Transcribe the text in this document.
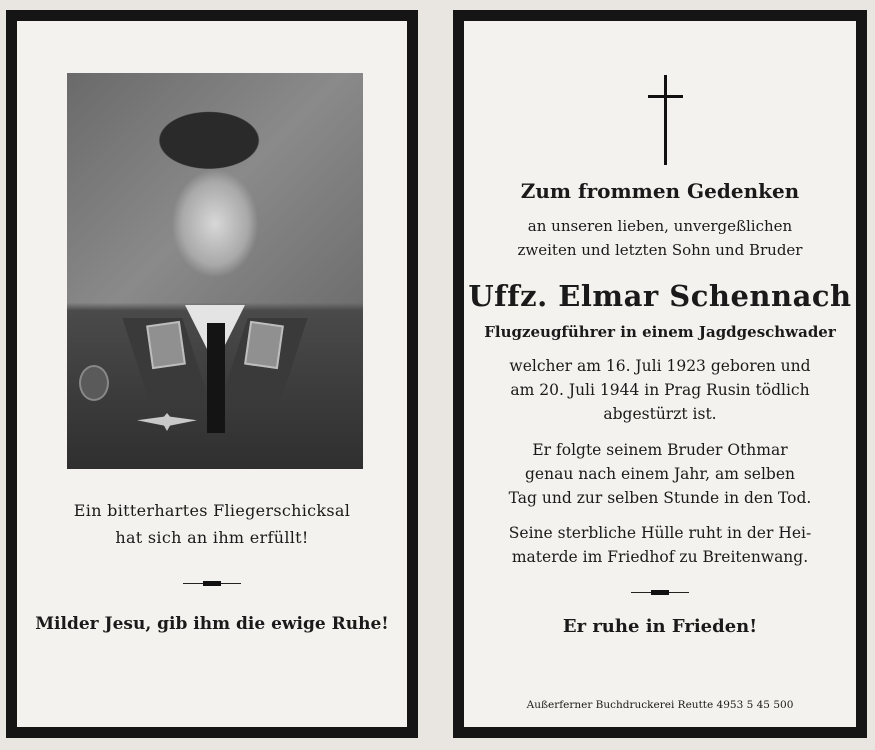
Ein bitterhartes Fliegerschicksal
hat sich an ihm erfüllt!
Milder Jesu, gib ihm die ewige Ruhe!
Zum frommen Gedenken
an unseren lieben, unvergeßlichen
zweiten und letzten Sohn und Bruder
Uffz. Elmar Schennach
Flugzeugführer in einem Jagdgeschwader
welcher am 16. Juli 1923 geboren und
am 20. Juli 1944 in Prag Rusin tödlich
abgestürzt ist.
Er folgte seinem Bruder Othmar
genau nach einem Jahr, am selben
Tag und zur selben Stunde in den Tod.
Seine sterbliche Hülle ruht in der Hei-
materde im Friedhof zu Breitenwang.
Er ruhe in Frieden!
Außerferner Buchdruckerei Reutte 4953 5 45 500
